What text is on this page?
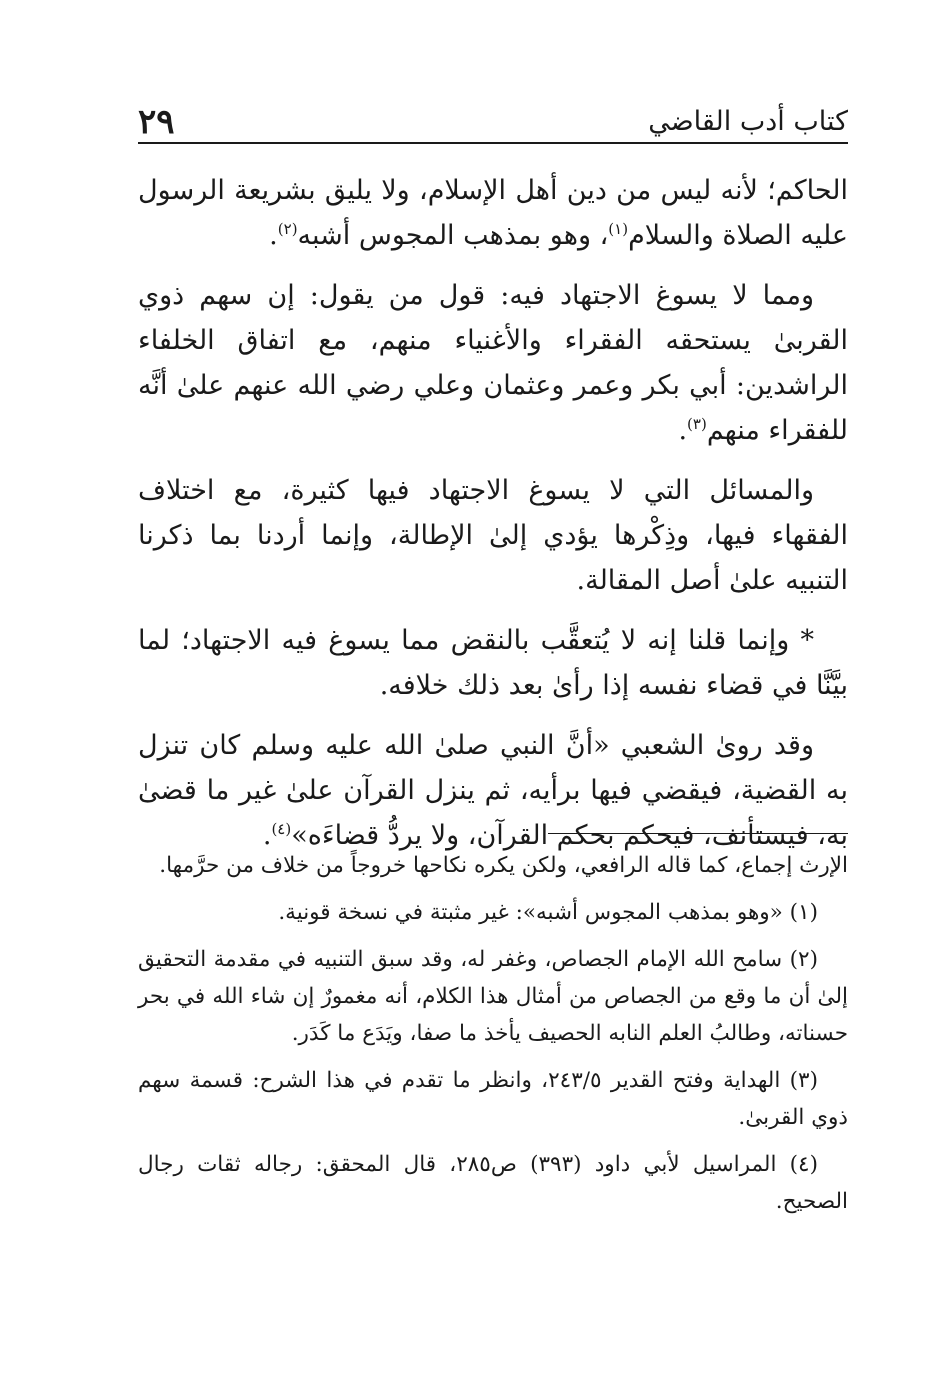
كتاب أدب القاضي
٢٩

الحاكم؛ لأنه ليس من دين أهل الإسلام، ولا يليق بشريعة الرسول عليه الصلاة والسلام$^{(١)}$، وهو بمذهب المجوس أشبه$^{(٢)}$.

ومما لا يسوغ الاجتهاد فيه: قول من يقول: إن سهم ذوي القربىٰ يستحقه الفقراء والأغنياء منهم، مع اتفاق الخلفاء الراشدين: أبي بكر وعمر وعثمان وعلي رضي الله عنهم علىٰ أنَّه للفقراء منهم$^{(٣)}$.

والمسائل التي لا يسوغ الاجتهاد فيها كثيرة، مع اختلاف الفقهاء فيها، وذِكْرها يؤدي إلىٰ الإطالة، وإنما أردنا بما ذكرنا التنبيه علىٰ أصل المقالة.

* وإنما قلنا إنه لا يُتعقَّب بالنقض مما يسوغ فيه الاجتهاد؛ لما بيَّنَّا في قضاء نفسه إذا رأىٰ بعد ذلك خلافه.

وقد روىٰ الشعبي «أنَّ النبي صلىٰ الله عليه وسلم كان تنزل به القضية، فيقضي فيها برأيه، ثم ينزل القرآن علىٰ غير ما قضىٰ به، فيستأنف، فيحكم بحكم القرآن، ولا يردُّ قضاءَه»$^{(٤)}$.

الإرث إجماع، كما قاله الرافعي، ولكن يكره نكاحها خروجاً من خلاف من حرَّمها.

(١) «وهو بمذهب المجوس أشبه»: غير مثبتة في نسخة قونية.

(٢) سامح الله الإمام الجصاص، وغفر له، وقد سبق التنبيه في مقدمة التحقيق إلىٰ أن ما وقع من الجصاص من أمثال هذا الكلام، أنه مغمورٌ إن شاء الله في بحر حسناته، وطالبُ العلم النابه الحصيف يأخذ ما صفا، ويَدَع ما كَدَر.

(٣) الهداية وفتح القدير ٢٤٣/٥، وانظر ما تقدم في هذا الشرح: قسمة سهم ذوي القربىٰ.

(٤) المراسيل لأبي داود (٣٩٣) ص٢٨٥، قال المحقق: رجاله ثقات رجال الصحيح.
